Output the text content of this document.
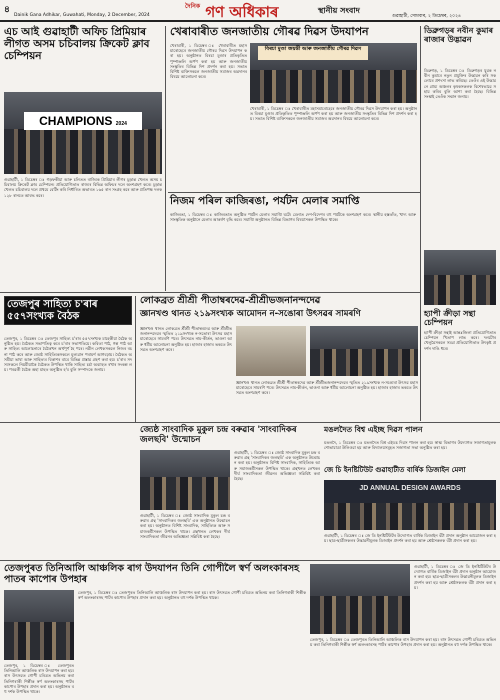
৪
Dainik Gana Adhikar, Guwahati, Monday, 2 December, 2024
$^{দৈনিক}$ গণ অধিকাৰ	স্থানীয় সংবাদ
গুৱাহাটী, সোমবাৰ, ২ ডিচেম্বৰ, ২০২৪
এচ আই গুৱাহাটী অফিচ প্ৰিমিয়াৰ লীগত অসম চচিবালয় ক্ৰিকেট ক্লাব চেম্পিয়ন
CHAMPIONS 2024
গুৱাহাটী, ১ ডিচেম্বৰ ঃ গড়ফকীয়া আৰু চলিতত ৰাজ্যিক প্ৰিমিয়াৰ লীগৰ চূড়ান্ত খেলত অসম চচিবালয় ক্ৰিকেট ক্লাব চেম্পিয়ন। প্ৰতিযোগিতাত ৰাজ্যৰ বিভিন্ন অফিচৰ দলে অংশগ্ৰহণ কৰে। চূড়ান্ত খেলত চচিবালয় দলে প্ৰথমে বেটিং কৰি নিৰ্ধাৰিত অভাৰত ১৬৫ ৰান সংগ্ৰহ কৰে আৰু প্ৰতিপক্ষ দলক ১২৮ ৰানতে আবদ্ধ কৰে।
খেৰাবাৰীত জনজাতীয় গৌৰৱ দিৱস উদযাপন
বিৰচা মুণ্ডা জয়ন্তী আৰু জনজাতীয় গৌৰৱ দিৱস
খেৰাবাৰী, ১ ডিচেম্বৰ ঃ খেৰাবাৰীত মহাসমাৰোহেৰে জনজাতীয় গৌৰৱ দিৱস উদযাপন কৰা হয়। অনুষ্ঠানত বিৰচা মুণ্ডাৰ প্ৰতিকৃতিত পুষ্পাঞ্জলি অৰ্পণ কৰা হয় আৰু জনজাতীয় সংস্কৃতিৰ বিভিন্ন দিশ প্ৰদৰ্শন কৰা হয়। সভাত বিশিষ্ট ব্যক্তিসকলে জনজাতীয় সমাজৰ অৱদানৰ বিষয়ে আলোচনা কৰে।
খেৰাবাৰী, ১ ডিচেম্বৰ ঃ খেৰাবাৰীত মহাসমাৰোহেৰে জনজাতীয় গৌৰৱ দিৱস উদযাপন কৰা হয়। অনুষ্ঠানত বিৰচা মুণ্ডাৰ প্ৰতিকৃতিত পুষ্পাঞ্জলি অৰ্পণ কৰা হয় আৰু জনজাতীয় সংস্কৃতিৰ বিভিন্ন দিশ প্ৰদৰ্শন কৰা হয়। সভাত বিশিষ্ট ব্যক্তিসকলে জনজাতীয় সমাজৰ অৱদানৰ বিষয়ে আলোচনা কৰে।
ডিব্ৰুগড়ৰ নবীন কুমাৰ ৰাজাৰ উদ্ভাৱন
ডিব্ৰুগড়, ১ ডিচেম্বৰ ঃ ডিব্ৰুগড়ৰ যুৱক নবীন কুমাৰে নতুন প্ৰযুক্তিৰ উদ্ভাৱন কৰি সকলোৰে প্ৰশংসা লাভ কৰিছে। তেওঁৰ এই উদ্ভাৱনে গ্ৰাম্য অঞ্চলৰ কৃষকসকলক বিশেষভাৱে সহায় কৰিব বুলি আশা কৰা হৈছে। বিভিন্ন সংস্থাই তেওঁক সন্মান জনায়।
নিজম পৰিল কাজিৰঙা, পৰ্যটন মেলাৰ সমাপ্তি
কাজিৰঙা, ১ ডিচেম্বৰ ঃ কাজিৰঙাত অনুষ্ঠিত পৰ্যটন মেলাৰ সমাপ্তি ঘটে। মেলাত দেশ-বিদেশৰ বহু পৰ্যটকে অংশগ্ৰহণ কৰে। স্থানীয় হস্ততাঁত, খাদ্য আৰু সাংস্কৃতিক অনুষ্ঠানে মেলাৰ আকৰ্ষণ বৃদ্ধি কৰে। সমাপ্তি অনুষ্ঠানত বিভিন্ন বিভাগৰ বিষয়াসকল উপস্থিত থাকে।
হ্যাপী ক্ৰীড়া সন্থা চেম্পিয়ন
হ্যাপী ক্ৰীড়া সন্থাই আন্তঃজিলা প্ৰতিযোগিতাত চেম্পিয়ন খিতাপ লাভ কৰে। দলটোৰ খেলুৱৈসকলে সমগ্ৰ প্ৰতিযোগিতাত উৎকৃষ্ট প্ৰদৰ্শন দাঙি ধৰে।
তেজপুৰ সাহিত্য চ'ৰাৰ ৫৫৭সংখ্যক বৈঠক
তেজপুৰ, ১ ডিচেম্বৰ ঃ তেজপুৰ সাহিত্য চ'ৰাৰ ৫৫৭সংখ্যক মাহেকীয়া বৈঠক অনুষ্ঠিত হয়। বৈঠকত সভাপতিত্ব কৰে চ'ৰাৰ সভাপতিয়ে। কবিতা পাঠ, গল্প পাঠ আৰু সাহিত্য আলোচনাৰে বৈঠকখন অৰ্থপূৰ্ণ হৈ পৰে। নৱীন লেখকসকলে নিজৰ ৰচনা পাঠ কৰে আৰু জ্যেষ্ঠ সাহিত্যিকসকলে মূল্যৱান পৰামৰ্শ আগবঢ়ায়। বৈঠকত অসমীয়া ভাষা আৰু সাহিত্যৰ বিকাশৰ বাবে বিভিন্ন প্ৰস্তাৱ গ্ৰহণ কৰা হয়। চ'ৰাৰ সদস্যসকলে নিয়মীয়াকৈ বৈঠকত উপস্থিত থাকি সাহিত্য চৰ্চা অব্যাহত ৰখাৰ সংকল্প লয়। পৰৱৰ্তী বৈঠক অহা মাহত অনুষ্ঠিত হ'ব বুলি সম্পাদকে জনায়।
লোকব্ৰত শ্ৰীশ্ৰী পীতাম্বৰদেৱ-শ্ৰীশ্ৰীভজনানন্দদেৱ
জ্ঞানখণ্ড থানত ২১৯সংখ্যক আমোদন ন-সঙোৰা উৎসৱৰ সামৰণি
জ্ঞানখণ্ড থানত লোকব্ৰত শ্ৰীশ্ৰী পীতাম্বৰদেৱ আৰু শ্ৰীশ্ৰীভজনানন্দদেৱৰ স্মৃতিত ২১৯সংখ্যক ন-সঙোৰা উৎসৱ মহাসমাৰোহেৰে সামৰণি পৰে। উৎসৱত নাম-কীৰ্তন, ভাওনা আৰু ধৰ্মীয় আলোচনা অনুষ্ঠিত হয়। হাজাৰ হাজাৰ ভকতে উৎসৱত অংশগ্ৰহণ কৰে।
জ্ঞানখণ্ড থানত লোকব্ৰত শ্ৰীশ্ৰী পীতাম্বৰদেৱ আৰু শ্ৰীশ্ৰীভজনানন্দদেৱৰ স্মৃতিত ২১৯সংখ্যক ন-সঙোৰা উৎসৱ মহাসমাৰোহেৰে সামৰণি পৰে। উৎসৱত নাম-কীৰ্তন, ভাওনা আৰু ধৰ্মীয় আলোচনা অনুষ্ঠিত হয়। হাজাৰ হাজাৰ ভকতে উৎসৱত অংশগ্ৰহণ কৰে।
জ্যেষ্ঠ সাংবাদিক মুকুল চন্দ্ৰ বৰুৱাৰ 'সাংবাদিকৰ জলছবি' উন্মোচন
গুৱাহাটী, ১ ডিচেম্বৰ ঃ জ্যেষ্ঠ সাংবাদিক মুকুল চন্দ্ৰ বৰুৱাৰ গ্ৰন্থ 'সাংবাদিকৰ জলছবি' এক অনুষ্ঠানত উন্মোচন কৰা হয়। অনুষ্ঠানত বিশিষ্ট সাংবাদিক, সাহিত্যিক আৰু সমাজকৰ্মীসকল উপস্থিত থাকে। গ্ৰন্থখনত লেখকৰ দীৰ্ঘ সাংবাদিকতা জীৱনৰ অভিজ্ঞতা সন্নিবিষ্ট কৰা হৈছে।
গুৱাহাটী, ১ ডিচেম্বৰ ঃ জ্যেষ্ঠ সাংবাদিক মুকুল চন্দ্ৰ বৰুৱাৰ গ্ৰন্থ 'সাংবাদিকৰ জলছবি' এক অনুষ্ঠানত উন্মোচন কৰা হয়। অনুষ্ঠানত বিশিষ্ট সাংবাদিক, সাহিত্যিক আৰু সমাজকৰ্মীসকল উপস্থিত থাকে। গ্ৰন্থখনত লেখকৰ দীৰ্ঘ সাংবাদিকতা জীৱনৰ অভিজ্ঞতা সন্নিবিষ্ট কৰা হৈছে।
মঙলদৈত বিশ্ব এইচ্ছ দিৱস পালন
মঙলদৈ, ১ ডিচেম্বৰ ঃ মঙলদৈত বিশ্ব এইডচ দিৱস পালন কৰা হয়। স্বাস্থ্য বিভাগৰ উদ্যোগত সজাগতামূলক শোভাযাত্ৰা উলিওৱা হয় আৰু বিদ্যালয়সমূহত সজাগতা সভা অনুষ্ঠিত কৰা হয়।
জে চি ইনষ্টিটিউট গুৱাহাটীত বাৰ্ষিক ডিজাইন মেলা
JD ANNUAL DESIGN AWARDS
গুৱাহাটী, ১ ডিচেম্বৰ ঃ জে ডি ইনষ্টিটিউটৰ উদ্যোগত বাৰ্ষিক ডিজাইন বঁটা প্ৰদান অনুষ্ঠান আয়োজন কৰা হয়। ছাত্ৰ-ছাত্ৰীসকলৰ উদ্ভাৱনীমূলক ডিজাইন প্ৰদৰ্শন কৰা হয় আৰু শ্ৰেষ্ঠসকলক বঁটা প্ৰদান কৰা হয়।
তেজপুৰত তিনিআলি আঞ্চলিক ৰাগ উদযাপন তিনি গোপীলৈ স্বৰ্ণ অলংকাৰসহ পাতৰ কাপোৰ উপহাৰ
তেজপুৰ, ১ ডিচেম্বৰ ঃ তেজপুৰত তিনিআলি আঞ্চলিক ৰাস উদযাপন কৰা হয়। ৰাস উৎসৱত গোপী চৰিত্ৰত অভিনয় কৰা তিনিগৰাকী শিল্পীক স্বৰ্ণ অলংকাৰসহ পাটৰ কাপোৰ উপহাৰ প্ৰদান কৰা হয়। অনুষ্ঠানত বহু দৰ্শক উপস্থিত থাকে।
তেজপুৰ, ১ ডিচেম্বৰ ঃ তেজপুৰত তিনিআলি আঞ্চলিক ৰাস উদযাপন কৰা হয়। ৰাস উৎসৱত গোপী চৰিত্ৰত অভিনয় কৰা তিনিগৰাকী শিল্পীক স্বৰ্ণ অলংকাৰসহ পাটৰ কাপোৰ উপহাৰ প্ৰদান কৰা হয়। অনুষ্ঠানত বহু দৰ্শক উপস্থিত থাকে।
তেজপুৰ, ১ ডিচেম্বৰ ঃ তেজপুৰত তিনিআলি আঞ্চলিক ৰাস উদযাপন কৰা হয়। ৰাস উৎসৱত গোপী চৰিত্ৰত অভিনয় কৰা তিনিগৰাকী শিল্পীক স্বৰ্ণ অলংকাৰসহ পাটৰ কাপোৰ উপহাৰ প্ৰদান কৰা হয়। অনুষ্ঠানত বহু দৰ্শক উপস্থিত থাকে।
গুৱাহাটী, ১ ডিচেম্বৰ ঃ জে ডি ইনষ্টিটিউটৰ উদ্যোগত বাৰ্ষিক ডিজাইন বঁটা প্ৰদান অনুষ্ঠান আয়োজন কৰা হয়। ছাত্ৰ-ছাত্ৰীসকলৰ উদ্ভাৱনীমূলক ডিজাইন প্ৰদৰ্শন কৰা হয় আৰু শ্ৰেষ্ঠসকলক বঁটা প্ৰদান কৰা হয়।
